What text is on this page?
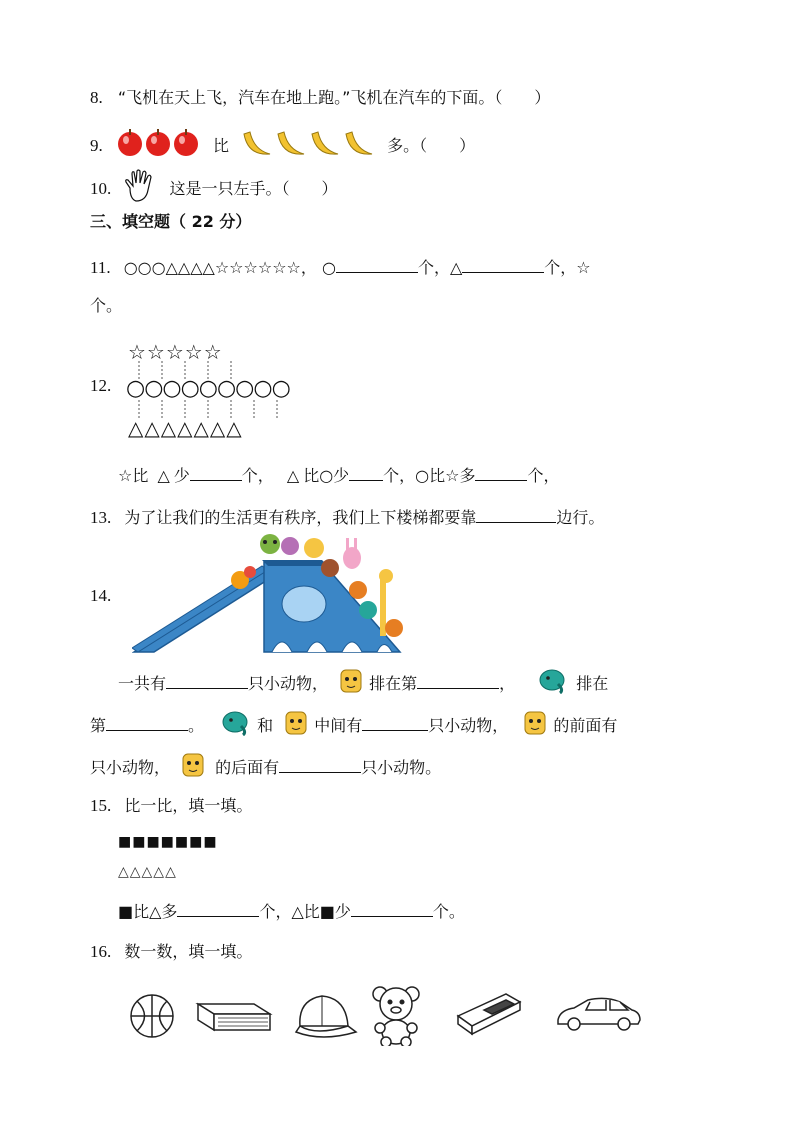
8. “飞机在天上飞，汽车在地上跑。”飞机在汽车的下面。（　　）
9.	比	多。（　　）
10.	这是一只左手。（　　）
三、填空题（ 22 分）
11. ○○○△△△△☆☆☆☆☆☆， ○	个，△	个，☆
个。
12.
☆☆☆☆☆
○○○○○○○○○
△△△△△△△
☆比 △ 少	个， △ 比○少 个，○比☆多	个，
13. 为了让我们的生活更有秩序，我们上下楼梯都要靠	边行。
14.
一共有	只小动物，	排在第	，	排在
第	。	和	中间有	只小动物，	的前面有
只小动物，	的后面有	只小动物。
15. 比一比，填一填。
■■■■■■■
△△△△△
■比△多	个，△比■少	个。
16. 数一数，填一填。
